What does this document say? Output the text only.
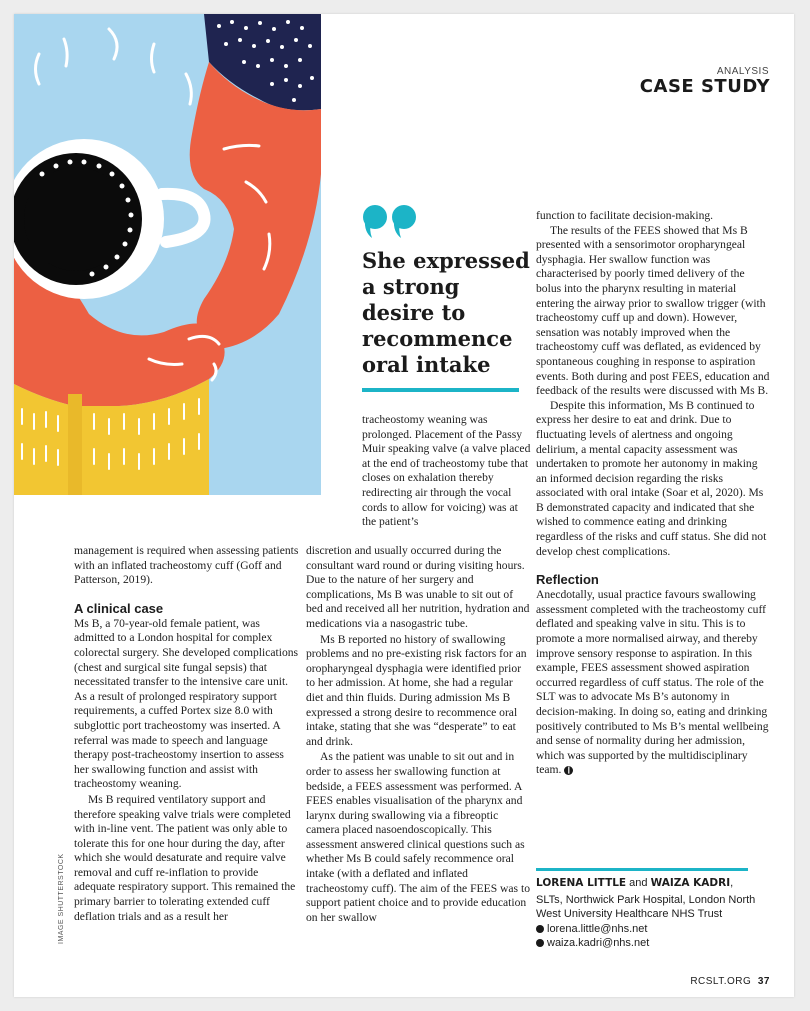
ANALYSIS
CASE STUDY
She expressed a strong desire to recommence oral intake

management is required when assessing patients with an inflated tracheostomy cuff (Goff and Patterson, 2019).

A clinical case

Ms B, a 70-year-old female patient, was admitted to a London hospital for complex colorectal surgery. She developed complications (chest and surgical site fungal sepsis) that necessitated transfer to the intensive care unit. As a result of prolonged respiratory support requirements, a cuffed Portex size 8.0 with subglottic port tracheostomy was inserted. A referral was made to speech and language therapy post-tracheostomy insertion to assess her swallowing function and assist with tracheostomy weaning.

Ms B required ventilatory support and therefore speaking valve trials were completed with in-line vent. The patient was only able to tolerate this for one hour during the day, after which she would desaturate and require valve removal and cuff re-inflation to provide adequate respiratory support. This remained the primary barrier to tolerating extended cuff deflation trials and as a result her

IMAGE SHUTTERSTOCK

tracheostomy weaning was prolonged. Placement of the Passy Muir speaking valve (a valve placed at the end of tracheostomy tube that closes on exhalation thereby redirecting air through the vocal cords to allow for voicing) was at the patient’s

discretion and usually occurred during the consultant ward round or during visiting hours. Due to the nature of her surgery and complications, Ms B was unable to sit out of bed and received all her nutrition, hydration and medications via a nasogastric tube.

Ms B reported no history of swallowing problems and no pre-existing risk factors for an oropharyngeal dysphagia were identified prior to her admission. At home, she had a regular diet and thin fluids. During admission Ms B expressed a strong desire to recommence oral intake, stating that she was “desperate” to eat and drink.

As the patient was unable to sit out and in order to assess her swallowing function at bedside, a FEES assessment was performed. A FEES enables visualisation of the pharynx and larynx during swallowing via a fibreoptic camera placed nasoendoscopically. This assessment answered clinical questions such as whether Ms B could safely recommence oral intake (with a deflated and inflated tracheostomy cuff). The aim of the FEES was to support patient choice and to provide education on her swallow

function to facilitate decision-making.

The results of the FEES showed that Ms B presented with a sensorimotor oropharyngeal dysphagia. Her swallow function was characterised by poorly timed delivery of the bolus into the pharynx resulting in material entering the airway prior to swallow trigger (with tracheostomy cuff up and down). However, sensation was notably improved when the tracheostomy cuff was deflated, as evidenced by spontaneous coughing in response to aspiration events. Both during and post FEES, education and feedback of the results were discussed with Ms B.

Despite this information, Ms B continued to express her desire to eat and drink. Due to fluctuating levels of alertness and ongoing delirium, a mental capacity assessment was undertaken to promote her autonomy in making an informed decision regarding the risks associated with oral intake (Soar et al, 2020). Ms B demonstrated capacity and indicated that she wished to commence eating and drinking regardless of the risks and cuff status. She did not develop chest complications.

Reflection

Anecdotally, usual practice favours swallowing assessment completed with the tracheostomy cuff deflated and speaking valve in situ. This is to promote a more normalised airway, and thereby improve sensory response to aspiration. In this example, FEES assessment showed aspiration occurred regardless of cuff status. The role of the SLT was to advocate Ms B’s autonomy in decision-making. In doing so, eating and drinking positively contributed to Ms B’s mental wellbeing and sense of normality during her admission, which was supported by the multidisciplinary team. ❙

LORENA LITTLE and WAIZA KADRI,
SLTs, Northwick Park Hospital, London North West University Healthcare NHS Trust
lorena.little@nhs.net
waiza.kadri@nhs.net
RCSLT.ORG 37
